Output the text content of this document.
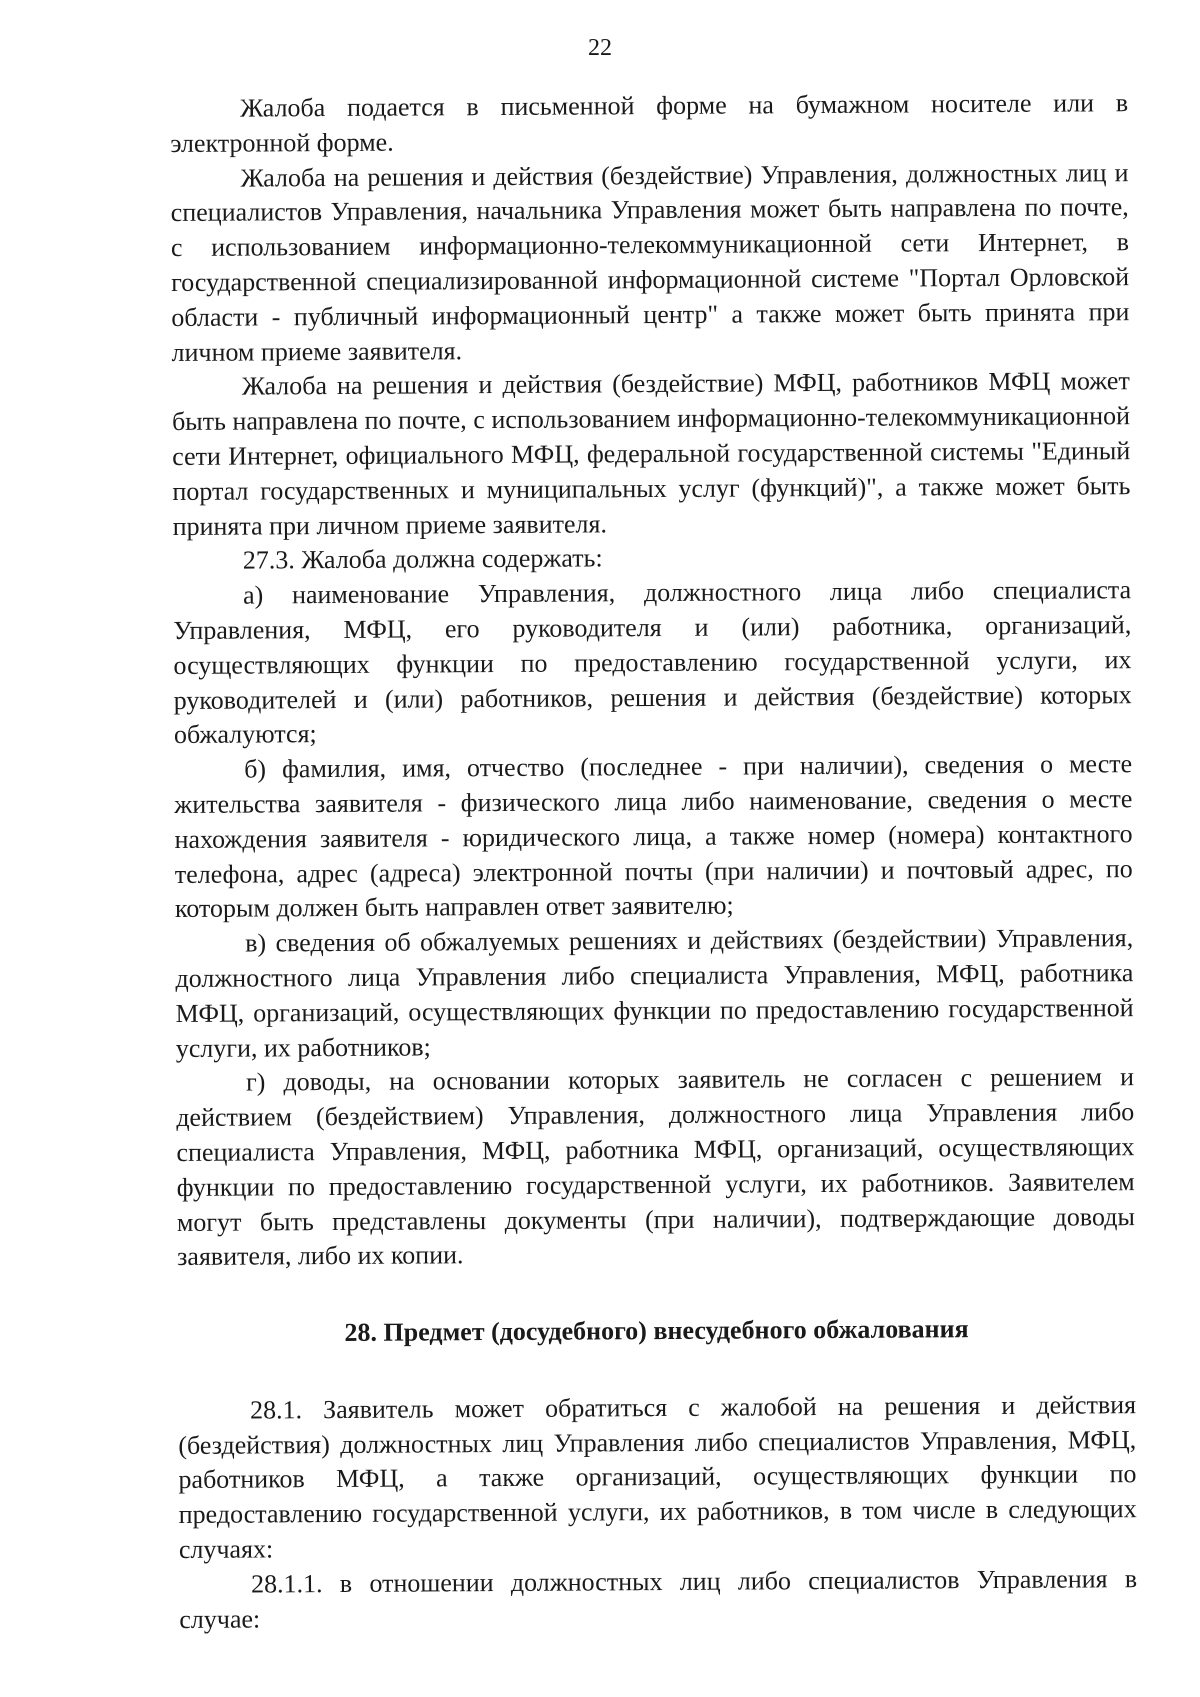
22

Жалоба подается в письменной форме на бумажном носителе или в электронной форме.

Жалоба на решения и действия (бездействие) Управления, должностных лиц и специалистов Управления, начальника Управления может быть направлена по почте, с использованием информационно-телекоммуникационной сети Интернет, в государственной специализированной информационной системе "Портал Орловской области - публичный информационный центр" а также может быть принята при личном приеме заявителя.

Жалоба на решения и действия (бездействие) МФЦ, работников МФЦ может быть направлена по почте, с использованием информационно-телекоммуникационной сети Интернет, официального МФЦ, федеральной государственной системы "Единый портал государственных и муниципальных услуг (функций)", а также может быть принята при личном приеме заявителя.

27.3. Жалоба должна содержать:

а) наименование Управления, должностного лица либо специалиста Управления, МФЦ, его руководителя и (или) работника, организаций, осуществляющих функции по предоставлению государственной услуги, их руководителей и (или) работников, решения и действия (бездействие) которых обжалуются;

б) фамилия, имя, отчество (последнее - при наличии), сведения о месте жительства заявителя - физического лица либо наименование, сведения о месте нахождения заявителя - юридического лица, а также номер (номера) контактного телефона, адрес (адреса) электронной почты (при наличии) и почтовый адрес, по которым должен быть направлен ответ заявителю;

в) сведения об обжалуемых решениях и действиях (бездействии) Управления, должностного лица Управления либо специалиста Управления, МФЦ, работника МФЦ, организаций, осуществляющих функции по предоставлению государственной услуги, их работников;

г) доводы, на основании которых заявитель не согласен с решением и действием (бездействием) Управления, должностного лица Управления либо специалиста Управления, МФЦ, работника МФЦ, организаций, осуществляющих функции по предоставлению государственной услуги, их работников. Заявителем могут быть представлены документы (при наличии), подтверждающие доводы заявителя, либо их копии.

28. Предмет (досудебного) внесудебного обжалования

28.1. Заявитель может обратиться с жалобой на решения и действия (бездействия) должностных лиц Управления либо специалистов Управления, МФЦ, работников МФЦ, а также организаций, осуществляющих функции по предоставлению государственной услуги, их работников, в том числе в следующих случаях:

28.1.1. в отношении должностных лиц либо специалистов Управления в случае:
